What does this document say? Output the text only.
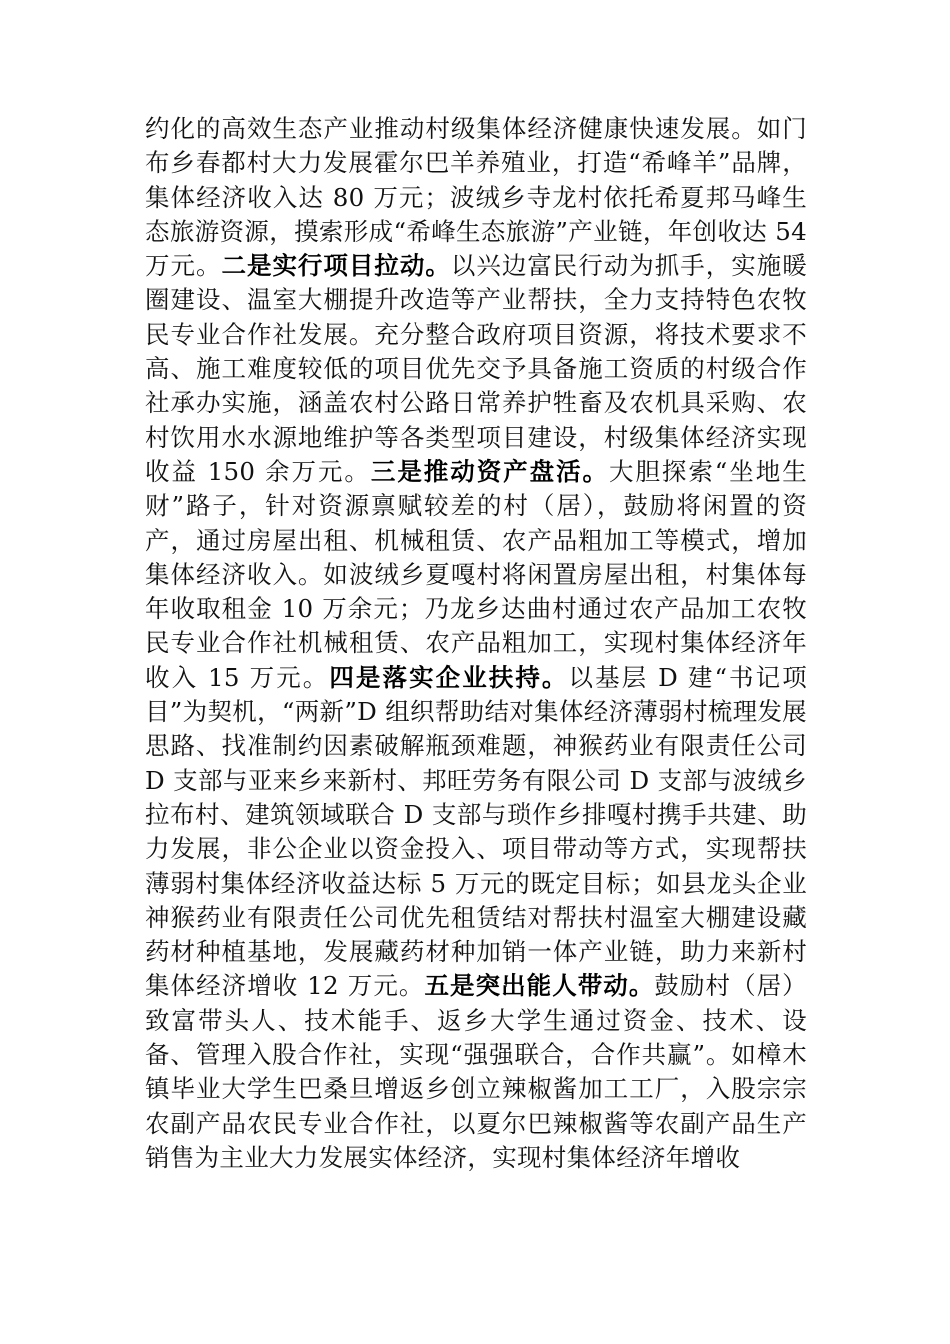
约化的高效生态产业推动村级集体经济健康快速发展。如门布乡春都村大力发展霍尔巴羊养殖业，打造“希峰羊”品牌，集体经济收入达 80 万元；波绒乡寺龙村依托希夏邦马峰生态旅游资源，摸索形成“希峰生态旅游”产业链，年创收达 54 万元。二是实行项目拉动。以兴边富民行动为抓手，实施暖圈建设、温室大棚提升改造等产业帮扶，全力支持特色农牧民专业合作社发展。充分整合政府项目资源，将技术要求不高、施工难度较低的项目优先交予具备施工资质的村级合作社承办实施，涵盖农村公路日常养护牲畜及农机具采购、农村饮用水水源地维护等各类型项目建设，村级集体经济实现收益 150 余万元。三是推动资产盘活。大胆探索“坐地生财”路子，针对资源禀赋较差的村（居），鼓励将闲置的资产，通过房屋出租、机械租赁、农产品粗加工等模式，增加集体经济收入。如波绒乡夏嘎村将闲置房屋出租，村集体每年收取租金 10 万余元；乃龙乡达曲村通过农产品加工农牧民专业合作社机械租赁、农产品粗加工，实现村集体经济年收入 15 万元。四是落实企业扶持。以基层 D 建“书记项目”为契机，“两新”D 组织帮助结对集体经济薄弱村梳理发展思路、找准制约因素破解瓶颈难题，神猴药业有限责任公司 D 支部与亚来乡来新村、邦旺劳务有限公司 D 支部与波绒乡拉布村、建筑领域联合 D 支部与琐作乡排嘎村携手共建、助力发展，非公企业以资金投入、项目带动等方式，实现帮扶薄弱村集体经济收益达标 5 万元的既定目标；如县龙头企业神猴药业有限责任公司优先租赁结对帮扶村温室大棚建设藏药材种植基地，发展藏药材种加销一体产业链，助力来新村集体经济增收 12 万元。五是突出能人带动。鼓励村（居）致富带头人、技术能手、返乡大学生通过资金、技术、设备、管理入股合作社，实现“强强联合，合作共赢”。如樟木镇毕业大学生巴桑旦增返乡创立辣椒酱加工工厂，入股宗宗农副产品农民专业合作社，以夏尔巴辣椒酱等农副产品生产销售为主业大力发展实体经济，实现村集体经济年增收
